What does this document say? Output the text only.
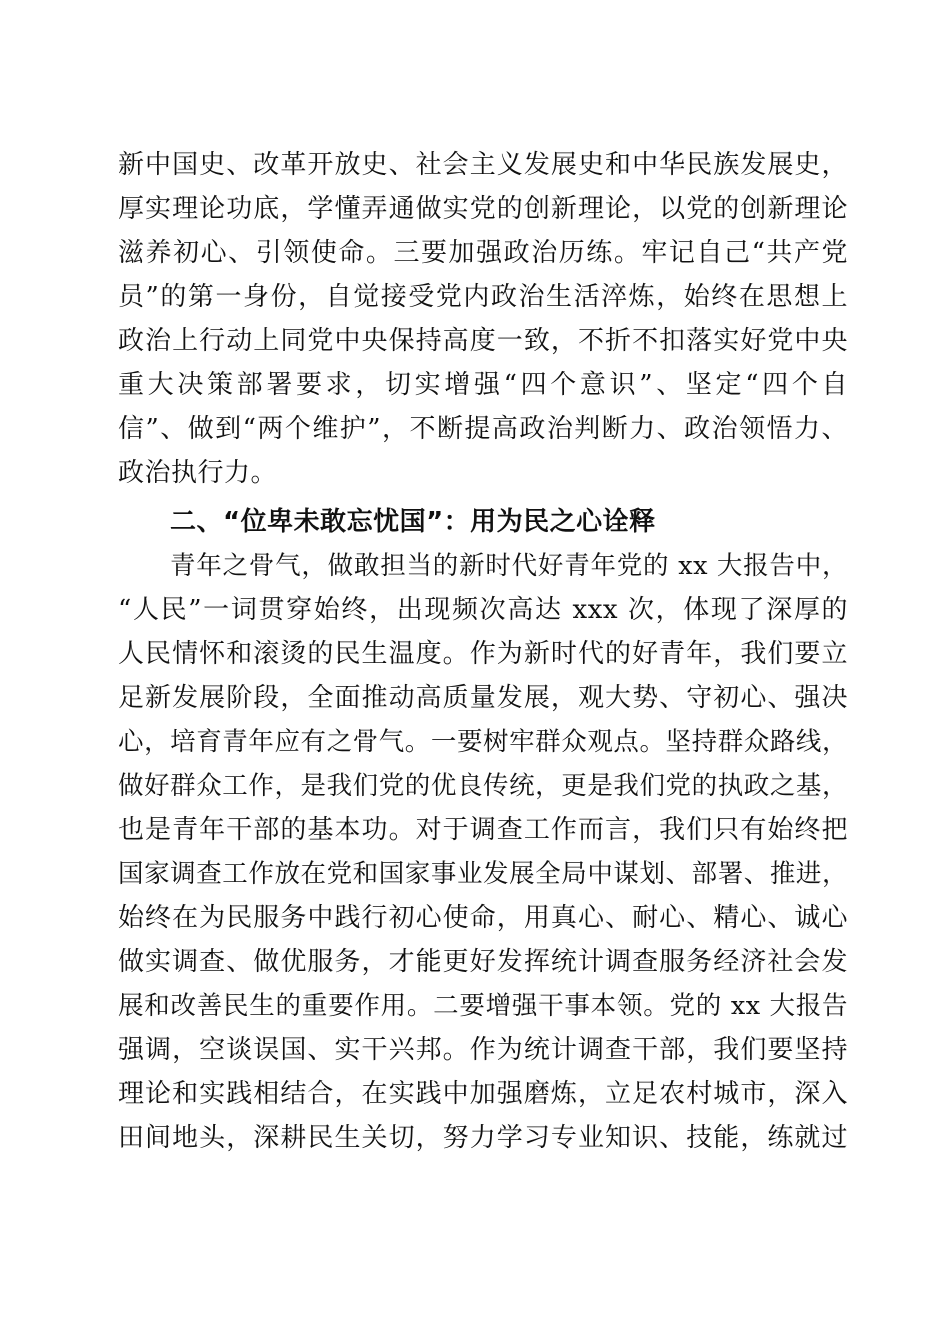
新中国史、改革开放史、社会主义发展史和中华民族发展史，
厚实理论功底，学懂弄通做实党的创新理论，以党的创新理论
滋养初心、引领使命。三要加强政治历练。牢记自己“共产党
员”的第一身份，自觉接受党内政治生活淬炼，始终在思想上
政治上行动上同党中央保持高度一致，不折不扣落实好党中央
重大决策部署要求，切实增强“四个意识”、坚定“四个自
信”、做到“两个维护”，不断提高政治判断力、政治领悟力、
政治执行力。
二、“位卑未敢忘忧国”：用为民之心诠释
青年之骨气，做敢担当的新时代好青年党的 xx 大报告中，
“人民”一词贯穿始终，出现频次高达 xxx 次，体现了深厚的
人民情怀和滚烫的民生温度。作为新时代的好青年，我们要立
足新发展阶段，全面推动高质量发展，观大势、守初心、强决
心，培育青年应有之骨气。一要树牢群众观点。坚持群众路线，
做好群众工作，是我们党的优良传统，更是我们党的执政之基，
也是青年干部的基本功。对于调查工作而言，我们只有始终把
国家调查工作放在党和国家事业发展全局中谋划、部署、推进，
始终在为民服务中践行初心使命，用真心、耐心、精心、诚心
做实调查、做优服务，才能更好发挥统计调查服务经济社会发
展和改善民生的重要作用。二要增强干事本领。党的 xx 大报告
强调，空谈误国、实干兴邦。作为统计调查干部，我们要坚持
理论和实践相结合，在实践中加强磨炼，立足农村城市，深入
田间地头，深耕民生关切，努力学习专业知识、技能，练就过
